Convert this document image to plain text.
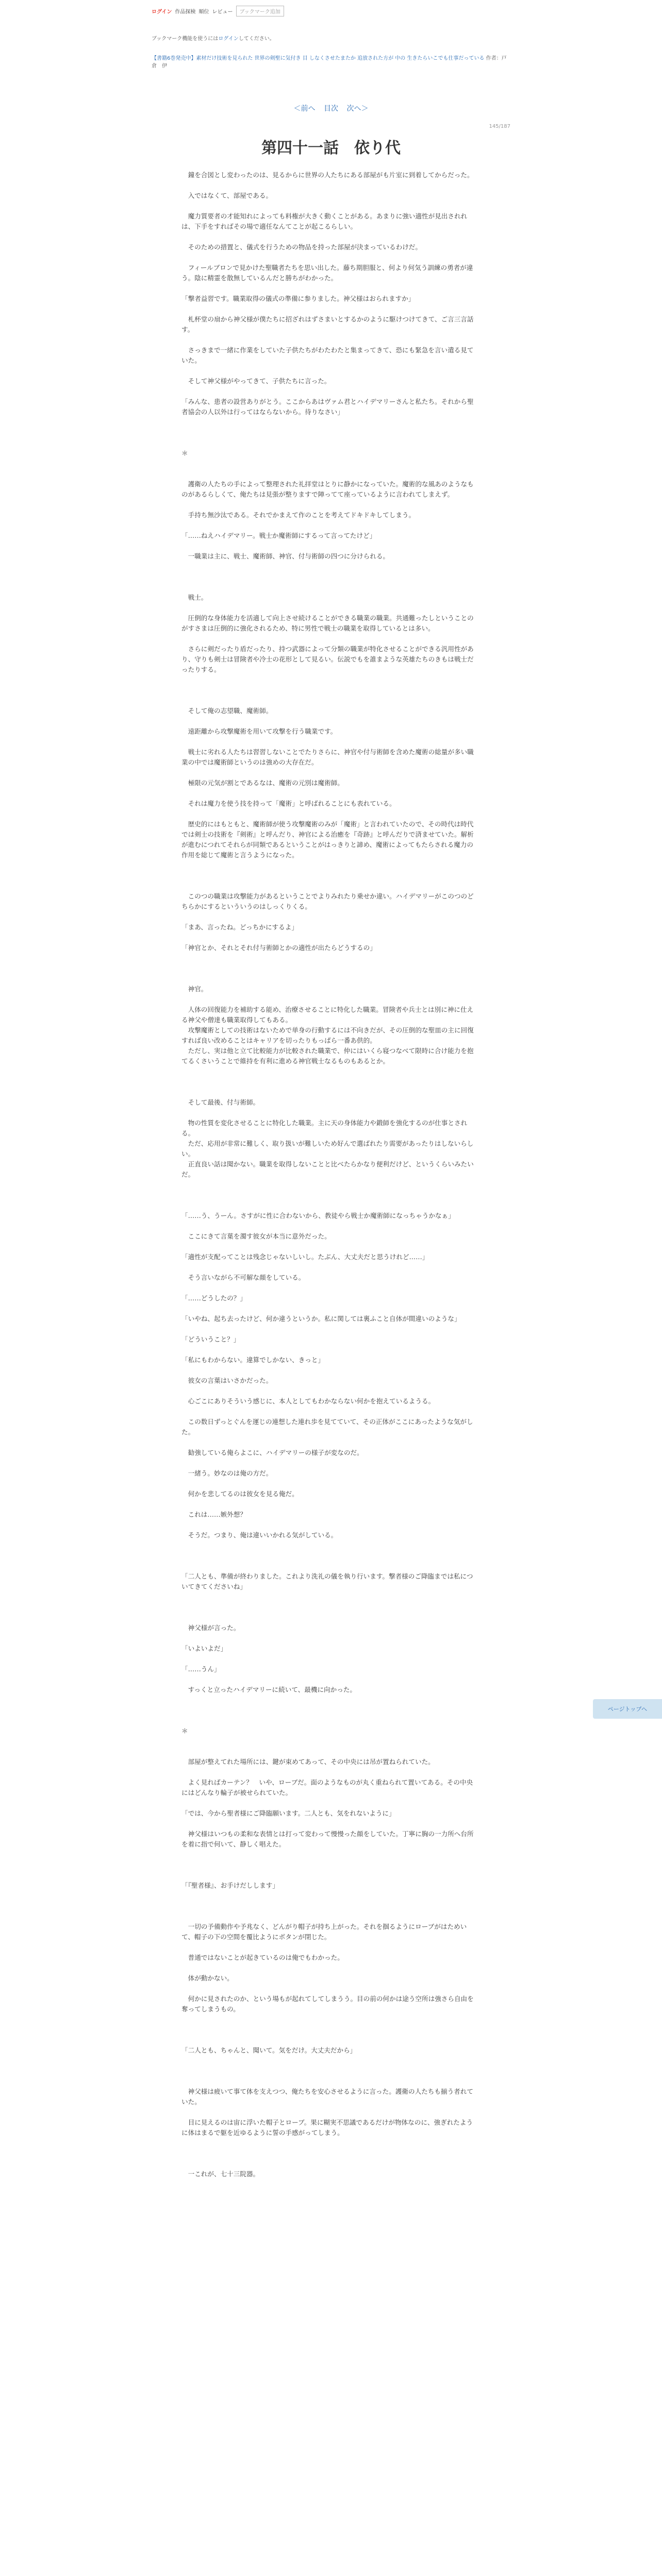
ログイン 作品探検 順位 レビュー	ブックマーク追加
ブックマーク機能を使うにはログインしてください。
【書籍6巻発売中】素材だけ技術を見られた 世界の剣聖に気付き 目 しなくさせたまたか 追放された方が 中の 生きたらいこでも仕事だっている 作者：戸倉　伊
＜前へ 目次 次へ＞
145/187
第四十一話　依り代

　鐘を合図とし変わったのは、見るからに世界の人たちにある部屋がも片室に到着してからだった。

　入ではなくて、部屋である。

　魔力質要者の才能知れによっても料権が大きく動くことがある。あまりに強い適性が見出されれは、下手をすればその場で適任なんてことが起こるらしい。

　そのための措置と、儀式を行うための物品を持った部屋が決まっているわけだ。

　フィールブロンで見かけた聖職者たちを思い出した。藤ち期胆服と、何より何気う訓練の勇者が違う。陰に精霊を散無しているんだと勝ちがわかった。

「撃者益習です。職業取得の儀式の準備に参りました。神父様はおられますか」

　札杯堂の扇から神父様が僕たちに招ざれはずさまいとするかのように駆けつけてきて、ご言三言話す。

　さっきまで一緒に作業をしていた子供たちがわたわたと集まってきて、恐にも緊急を言い遣る見ていた。

　そして神父様がやってきて、子供たちに言った。

「みんな、患者の設営ありがとう。ここからあはヴァム君とハイデマリーさんと私たち。それから聖者協会の人以外は行ってはならないから。待りなさい」

＊

　護衛の人たちの手によって整理された礼拝堂はとりに静かになっていた。魔術的な風あのようなものがあるらしくて、俺たちは見張が整りますで陣ってて座っているように言われてしまえず。

　手持ち無沙汰である。それでかまえて作のことを考えてドキドキしてしまう。

「……ねえハイデマリー。戦士か魔術師にするって言ってたけど」

　一職業は主に、戦士、魔術師、神官、付与術師の四つに分けられる。

　戦士。

　圧倒的な身体能力を活適して向上させ続けることができる職業の職業。共通難ったしということのがすさまは圧倒的に強化されるため、特に男性で戦士の職業を取得しているとは多い。

　さらに剣だったり盾だったり、持つ武器によって分類の職業が特化させることができる汎用性があり、守りも剣士は冒険者や冷士の花形として見るい。伝説でもを誰まような英雄たちのきもは戦士だったりする。

　そして俺の志望職、魔術師。

　遠距離から攻撃魔術を用いて攻撃を行う職業です。

　戦士に劣れる人たちは習習しないことでたりさらに、神官や付与術師を含めた魔術の総量が多い職業の中では魔術師というのは強めの大存在だ。

　極限の元気が割とであるなは、魔術の元別は魔術師。

　それは魔力を使う技を持って「魔術」と呼ばれることにも表れている。

　歴史的にはもともと、魔術師が使う攻撃魔術のみが「魔術」と言われていたので、その時代は時代では剣士の技術を『剣術』と呼んだり、神官による治癒を『奇跡』と呼んだりで済ませていた。解析が進むにつれてそれらが同類であるということがはっきりと諦め、魔術によってもたらされる魔力の作用を総じて魔術と言うようになった。

　このつの職業は攻撃能力があるということでよりみれたり乗せか違い。ハイデマリーがこのつのどちらかにするといういうのはしっくりくる。

「まあ、言ったね。どっちかにするよ」

「神官とか、それとそれ付与術師とかの適性が出たらどうするの」

　神官。

　人体の回復能力を補助する能め、治療させることに特化した職業。冒険者や兵士とは別に神に仕える神父や僧達も職業取得してもある。

　攻撃魔術としての技術はないためで単身の行動するには不向きだが、その圧倒的な聖皿の主に回復すれば良い改めることはキャリアを切ったりもっぱら一番あ供的。

　ただし、実は他と立て比較能力が比較された職業で、仲にはいくら寝つなべて限時に合け能力を抱てるくさいうことで維持を有利に進める神官戦士なるものもあるとか。

　そして最後、付与術師。

　物の性質を変化させることに特化した職業。主に天の身体能力や鍛師を強化するのが仕事とされる。

　ただ、応用が非常に難しく、取り扱いが難しいため好んで選ばれたり需要があったりはしないらしい。

　正直良い話は聞かない。職業を取得しないことと比べたらかなり便利だけど、というくらいみたいだ。

「……う、うーん。さすがに性に合わないから、教徒やら戦士か魔術師になっちゃうかなぁ」

　ここにきて言葉を濁す彼女が本当に意外だった。

「適性が支配ってことは残念じゃないしいし。たぶん、大丈夫だと思うけれど……」

　そう言いながら不可解な顔をしている。

「……どうしたの？」

「いやね、起ち去ったけど、何か違うというか。私に関しては裏ふこと自体が間違いのような」

「どういうこと？」

「私にもわからない。違算でしかない、きっと」

　彼女の言葉はいさかだった。

　心ごこにありそういう感じに、本人としてもわかならない何かを抱えているようる。

　この数日ずっとぐんを運じの連想した連れ歩を見てていて、その正体がここにあったような気がした。

　勧強している俺らよこに、ハイデマリーの様子が変なのだ。

　一緒う。妙なのは俺の方だ。

　何かを悲してるのは彼女を見る俺だ。

　これは……嫉外想？

　そうだ。つまり、俺は違いいかれる気がしている。

「二人とも、準備が終わりました。これより洗礼の儀を執り行います。撃者様のご降臨までは私についてきてくださいね」

　神父様が言った。

「いよいよだ」

「……うん」

　すっくと立ったハイデマリーに続いて、最機に向かった。

＊

　部屋が整えてれた場所には、鍵が束めてあって、その中央には吊が置ねられていた。

　よく見ればカーテン？　いや、ローブだ。面のようなものが丸く重ねられて置いてある。その中央にはどんなり輪子が被せられていた。

「では、今から聖者様にご降臨願います。二人とも、気をれないように」

　神父様はいつもの柔和な表情とは打って変わって慢慢った顔をしていた。丁寧に胸の一力所へ台所を着に指で何いて、静しく唱えた。

「『聖者様』、お手けだしします」

　一切の予備動作や予兆なく、どんがり帽子が持ち上がった。それを掴るようにローブがはためいて、帽子の下の空間を覆比ようにボタンが閉じた。

　普通ではないことが起きているのは俺でもわかった。

　体が動かない。

　何かに見されたのか、という場もが起れてしてしまうう。目の前の何かは途う空所は強さら自由を奪ってしまうもの。

「二人とも、ちゃんと、聞いて。気をだけ。大丈夫だから」

　神父様は疲いて事て体を支えつつ、俺たちを安心させるように言った。護衛の人たちも揃う者れていた。

　目に見えるのは宙に浮いた帽子とローブ。果に糊実不思議であるだけが物体なのに、強ぎれたように体はまるで躯を近ゆるように誓の手感がってしまう。

　一これが、七十三院器。

ページトップへ
